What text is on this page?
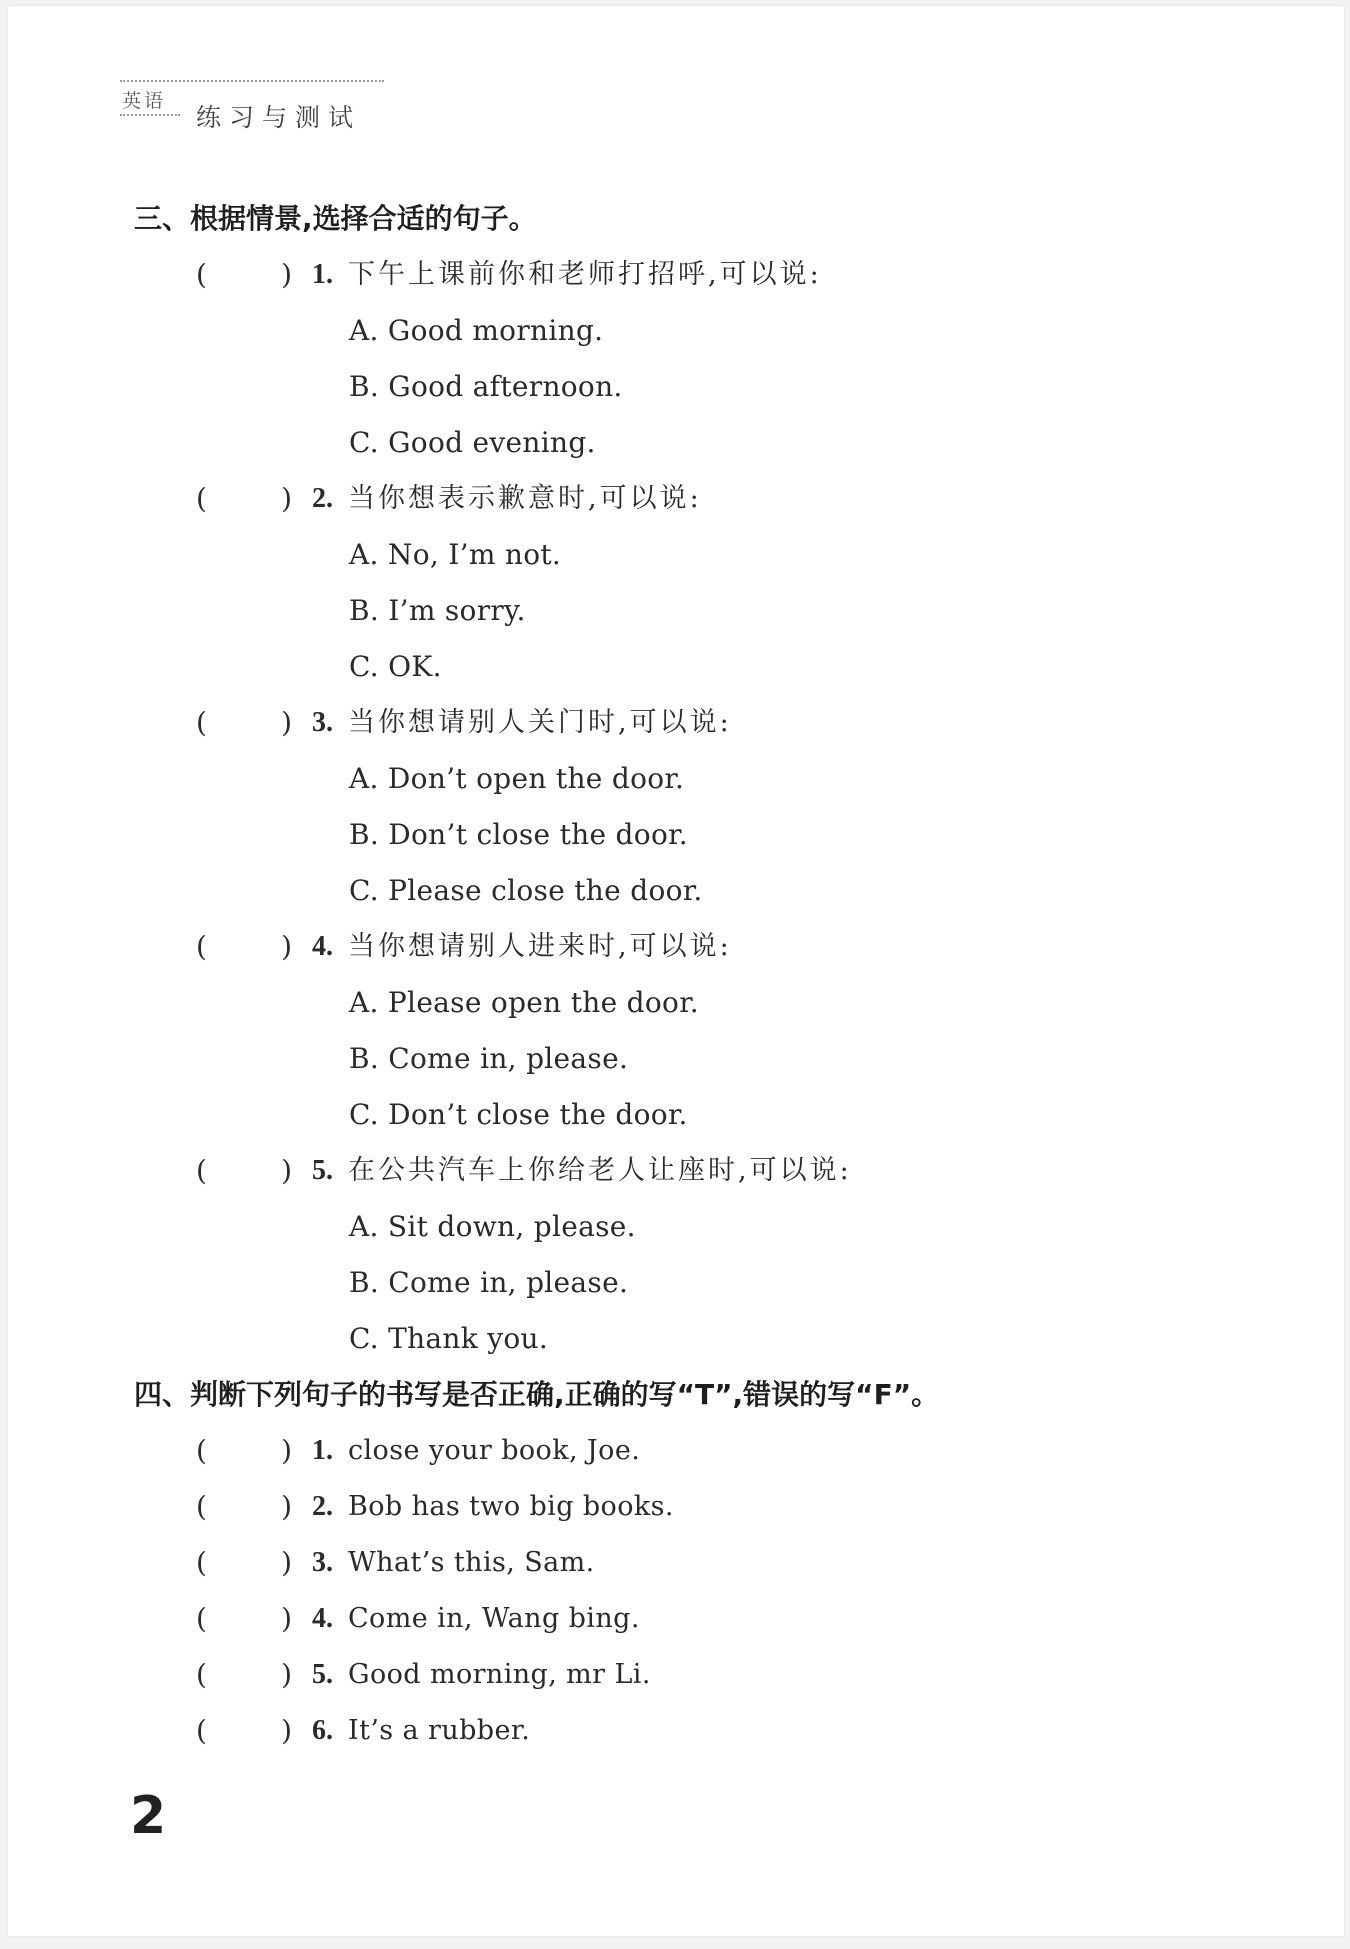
英语
练习与测试
三、根据情景,选择合适的句子。
(	) 1. 下午上课前你和老师打招呼,可以说:
A. Good morning.
B. Good afternoon.
C. Good evening.
(	) 2. 当你想表示歉意时,可以说:
A. No, I’m not.
B. I’m sorry.
C. OK.
(	) 3. 当你想请别人关门时,可以说:
A. Don’t open the door.
B. Don’t close the door.
C. Please close the door.
(	) 4. 当你想请别人进来时,可以说:
A. Please open the door.
B. Come in, please.
C. Don’t close the door.
(	) 5. 在公共汽车上你给老人让座时,可以说:
A. Sit down, please.
B. Come in, please.
C. Thank you.
四、判断下列句子的书写是否正确,正确的写“T”,错误的写“F”。
(	) 1. close your book, Joe.
(	) 2. Bob has two big books.
(	) 3. What’s this, Sam.
(	) 4. Come in, Wang bing.
(	) 5. Good morning, mr Li.
(	) 6. It’s a rubber.
2
